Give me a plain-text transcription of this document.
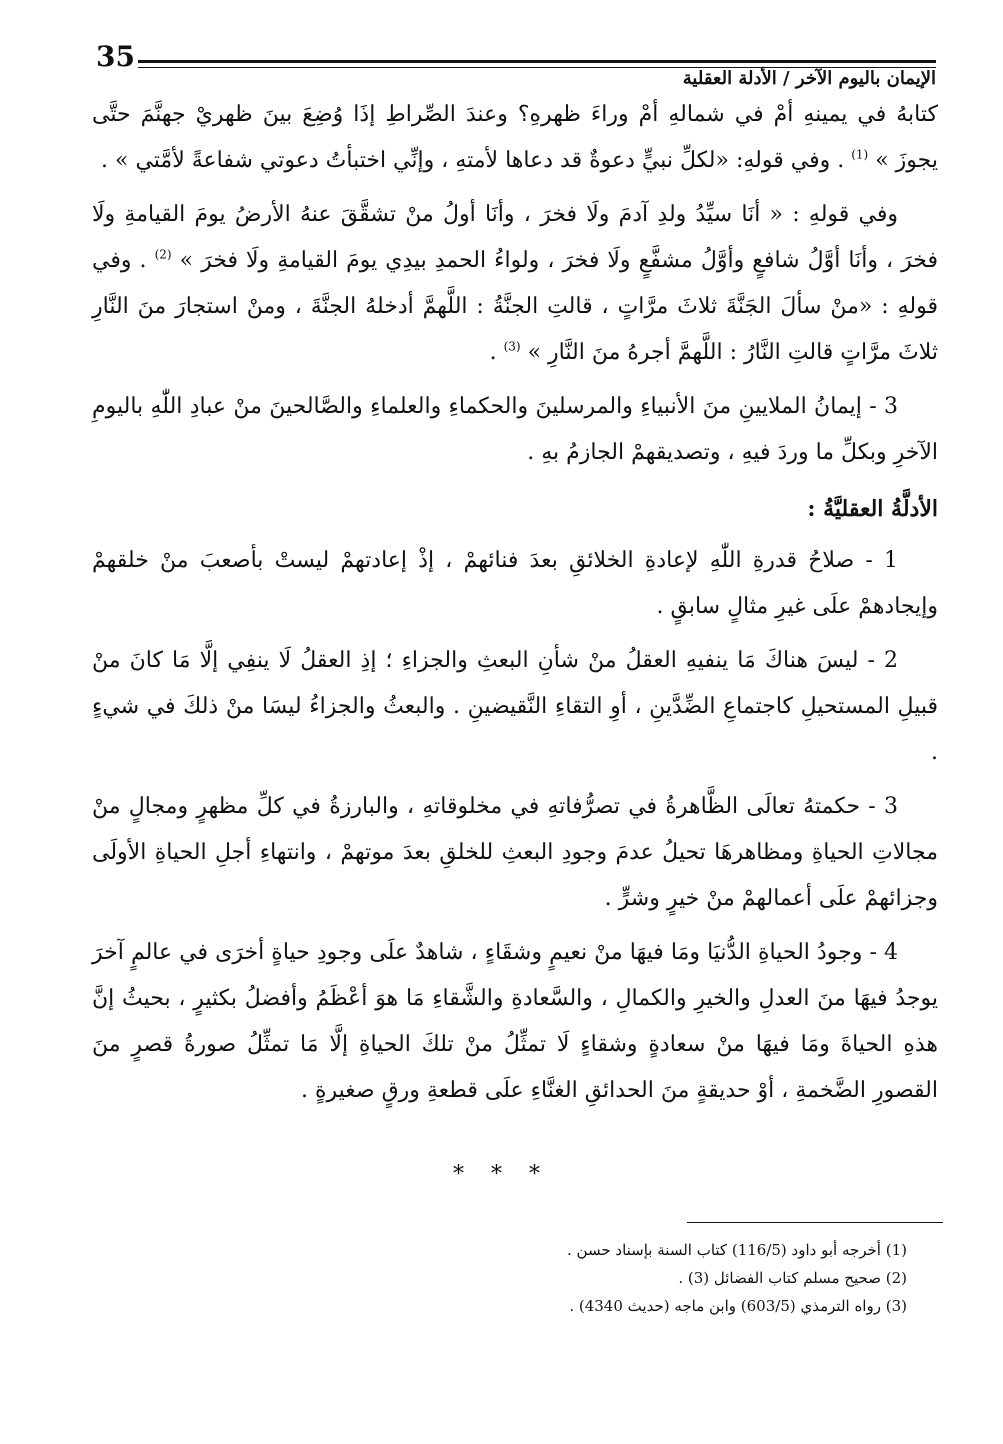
35
الإيمان باليوم الآخر / الأدلة العقلية

كتابهُ في يمينهِ أمْ في شمالهِ أمْ وراءَ ظهرهِ؟ وعندَ الصِّراطِ إذَا وُضِعَ بينَ ظهريْ جهنَّمَ حتَّى يجوزَ » $^{(1)}$ . وفي قولهِ: «لكلِّ نبيٍّ دعوةٌ قد دعاها لأمتهِ ، وإنِّي اختبأتُ دعوتي شفاعةً لأمَّتي » .

وفي قولهِ : « أنَا سيِّدُ ولدِ آدمَ ولَا فخرَ ، وأنَا أولُ منْ تشقَّقَ عنهُ الأرضُ يومَ القيامةِ ولَا فخرَ ، وأنَا أوَّلُ شافعٍ وأوَّلُ مشفَّعٍ ولَا فخرَ ، ولواءُ الحمدِ بيدِي يومَ القيامةِ ولَا فخرَ » $^{(2)}$ . وفي قولهِ : «منْ سألَ الجَنَّةَ ثلاثَ مرَّاتٍ ، قالتِ الجنَّةُ : اللَّهمَّ أدخلهُ الجنَّةَ ، ومنْ استجارَ منَ النَّارِ ثلاثَ مرَّاتٍ قالتِ النَّارُ : اللَّهمَّ أجرهُ منَ النَّارِ » $^{(3)}$ .

3 - إيمانُ الملايينِ منَ الأنبياءِ والمرسلينَ والحكماءِ والعلماءِ والصَّالحينَ منْ عبادِ اللّٰهِ باليومِ الآخرِ وبكلِّ ما وردَ فيهِ ، وتصديقهمْ الجازمُ بهِ .

الأدلَّةُ العقليَّةُ :

1 - صلاحُ قدرةِ اللّٰهِ لإعادةِ الخلائقِ بعدَ فنائهمْ ، إذْ إعادتهمْ ليستْ بأصعبَ منْ خلقهمْ وإيجادهمْ علَى غيرِ مثالٍ سابقٍ .

2 - ليسَ هناكَ مَا ينفيهِ العقلُ منْ شأنِ البعثِ والجزاءِ ؛ إذِ العقلُ لَا ينفِي إلَّا مَا كانَ منْ قبيلِ المستحيلِ كاجتماعِ الضِّدَّينِ ، أوِ التقاءِ النَّقيضينِ . والبعثُ والجزاءُ ليسَا منْ ذلكَ في شيءٍ .

3 - حكمتهُ تعالَى الظَّاهرةُ في تصرُّفاتهِ في مخلوقاتهِ ، والبارزةُ في كلِّ مظهرٍ ومجالٍ منْ مجالاتِ الحياةِ ومظاهرهَا تحيلُ عدمَ وجودِ البعثِ للخلقِ بعدَ موتهمْ ، وانتهاءِ أجلِ الحياةِ الأولَى وجزائهمْ علَى أعمالهمْ منْ خيرٍ وشرٍّ .

4 - وجودُ الحياةِ الدُّنيَا ومَا فيهَا منْ نعيمٍ وشقَاءٍ ، شاهدٌ علَى وجودِ حياةٍ أخرَى في عالمٍ آخرَ يوجدُ فيهَا منَ العدلِ والخيرِ والكمالِ ، والسَّعادةِ والشَّقاءِ مَا هوَ أعْظَمُ وأفضلُ بكثيرٍ ، بحيثُ إنَّ هذهِ الحياةَ ومَا فيهَا منْ سعادةٍ وشقاءٍ لَا تمثِّلُ منْ تلكَ الحياةِ إلَّا مَا تمثِّلُ صورةُ قصرٍ منَ القصورِ الضَّخمةِ ، أوْ حديقةٍ منَ الحدائقِ الغنَّاءِ علَى قطعةِ ورقٍ صغيرةٍ .

* * *
(1) أخرجه أبو داود (116/5) كتاب السنة بإسناد حسن .
(2) صحيح مسلم كتاب الفضائل (3) .
(3) رواه الترمذي (603/5) وابن ماجه (حديث 4340) .
